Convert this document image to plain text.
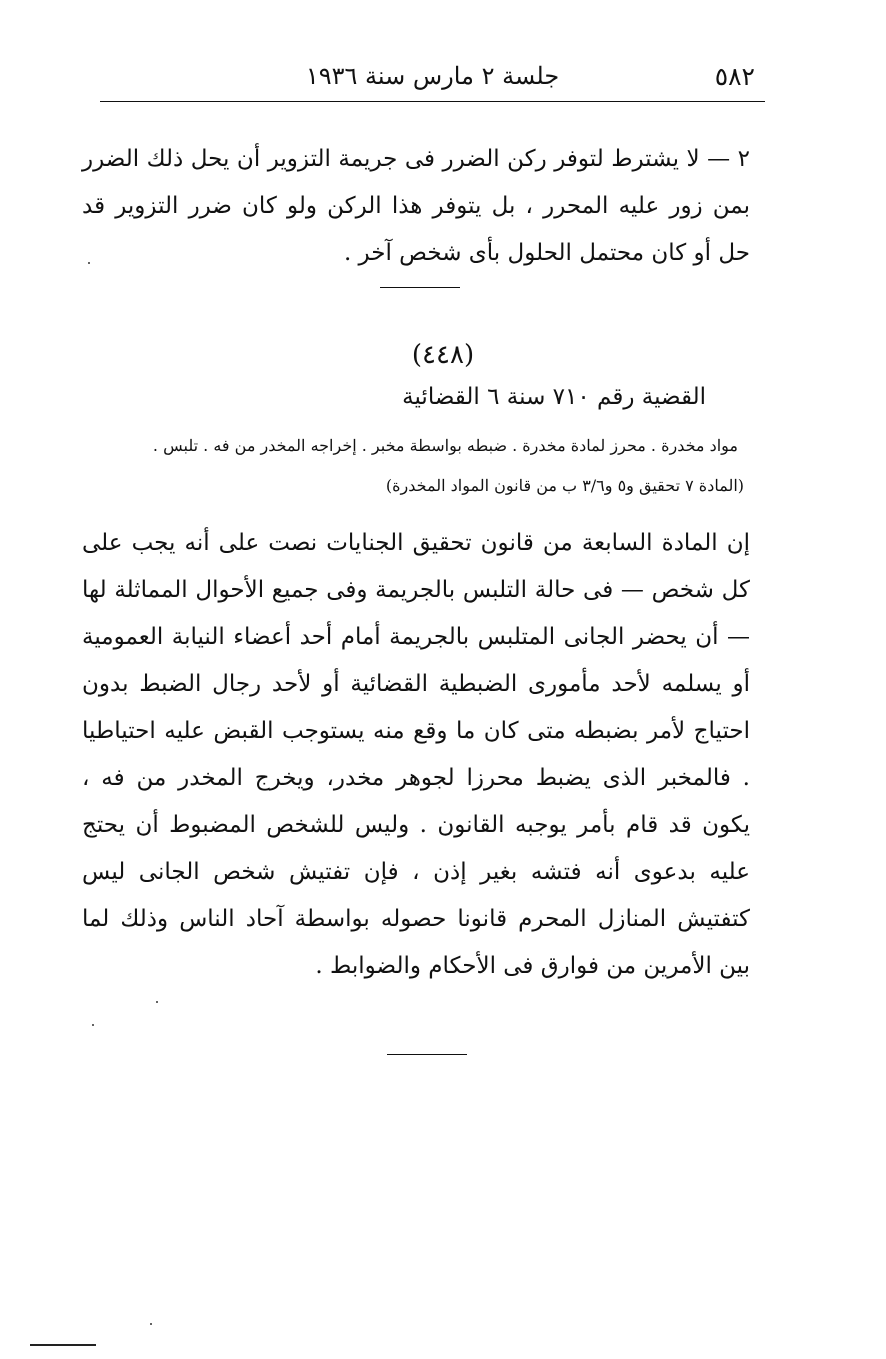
٥٨٢
جلسة ٢ مارس سنة ١٩٣٦

٢ — لا يشترط لتوفر ركن الضرر فى جريمة التزوير أن يحل ذلك الضرر بمن زور عليه المحرر ، بل يتوفر هذا الركن ولو كان ضرر التزوير قد حل أو كان محتمل الحلول بأى شخص آخر .

(٤٤٨)
القضية رقم ٧١٠ سنة ٦ القضائية
مواد مخدرة . محرز لمادة مخدرة . ضبطه بواسطة مخبر . إخراجه المخدر من فه . تلبس .
(المادة ٧ تحقيق و٥ و٣/٦ ب من قانون المواد المخدرة)

إن المادة السابعة من قانون تحقيق الجنايات نصت على أنه يجب على كل شخص — فى حالة التلبس بالجريمة وفى جميع الأحوال المماثلة لها — أن يحضر الجانى المتلبس بالجريمة أمام أحد أعضاء النيابة العمومية أو يسلمه لأحد مأمورى الضبطية القضائية أو لأحد رجال الضبط بدون احتياج لأمر بضبطه متى كان ما وقع منه يستوجب القبض عليه احتياطيا . فالمخبر الذى يضبط محرزا لجوهر مخدر، ويخرج المخدر من فه ، يكون قد قام بأمر يوجبه القانون . وليس للشخص المضبوط أن يحتج عليه بدعوى أنه فتشه بغير إذن ، فإن تفتيش شخص الجانى ليس كتفتيش المنازل المحرم قانونا حصوله بواسطة آحاد الناس وذلك لما بين الأمرين من فوارق فى الأحكام والضوابط .
